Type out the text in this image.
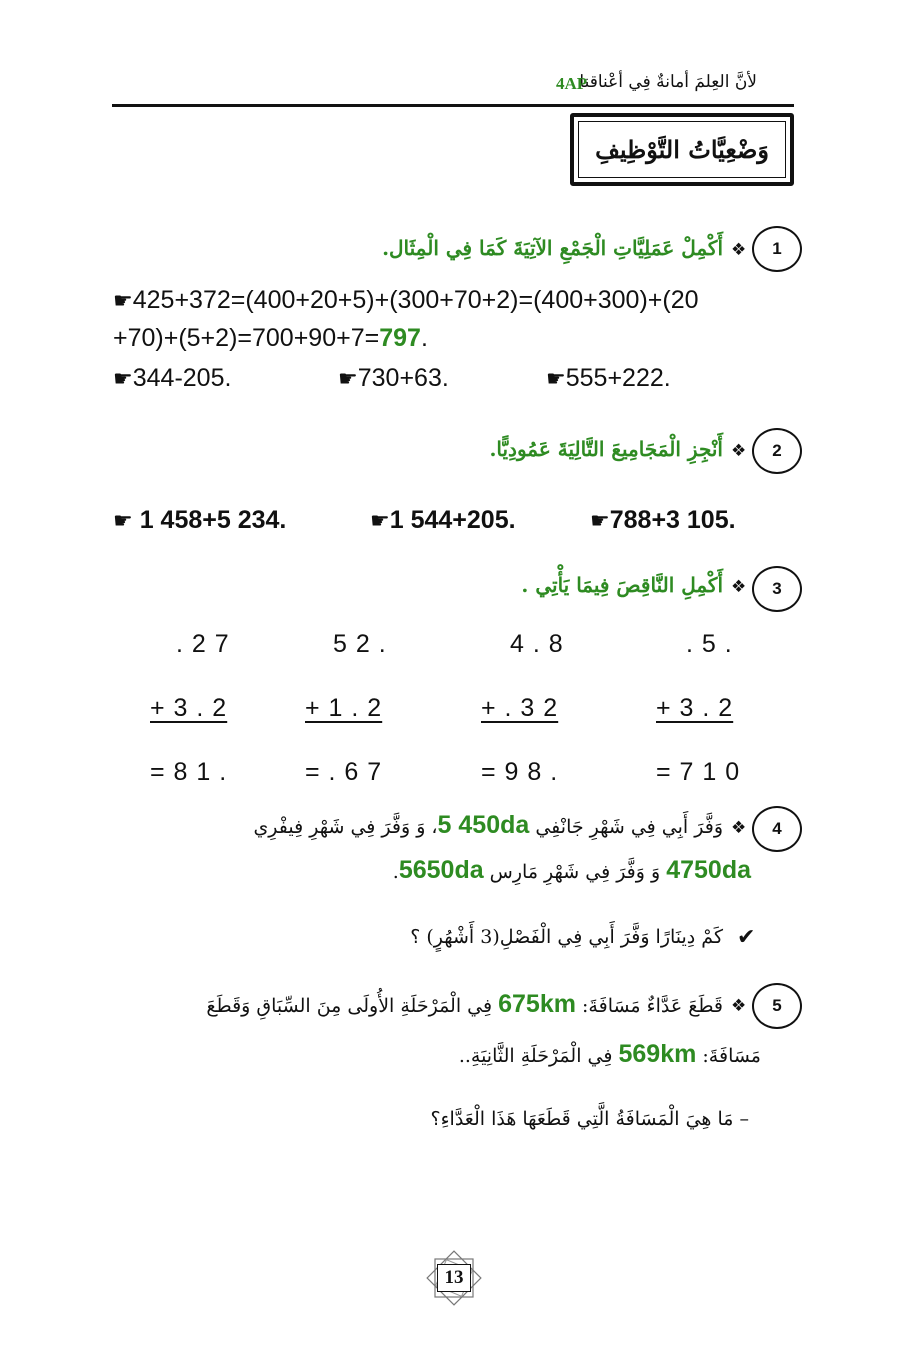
لأنَّ العِلمَ أمانةٌ فِي أعْناقنا
4AP
وَضْعِيَّاتُ التَّوْظِيفِ
1
❖
أَكْمِلْ عَمَلِيَّاتِ الْجَمْعِ الآتِيَةَ كَمَا فِي الْمِثَال.
☛425+372=(400+20+5)+(300+70+2)=(400+300)+(20
+70)+(5+2)=700+90+7=797.
☛344-205.	☛730+63.	☛555+222.
2
❖
أَنْجِزِ الْمَجَامِيعَ التَّالِيَةَ عَمُودِيًّا.
☛ 1 458+5 234.	☛1 544+205.	☛788+3 105.
3
❖
أَكْمِلِ النَّاقِصَ فِيمَا يَأْتِي .
. 2 7
+ 3 . 2
= 8 1 .
5 2 .
+ 1 . 2
= . 6 7
4 . 8
+ . 3 2
= 9 8 .
. 5 .
+ 3 . 2
= 7 1 0
4
❖
وَفَّرَ أَبِي فِي شَهْرِ جَانْفِي 5 450da، وَ وَفَّرَ فِي شَهْرِ فِيفْرِي
4750da وَ وَفَّرَ فِي شَهْرِ مَارِس 5650da.
✔
كَمْ دِينَارًا وَفَّرَ أَبِي فِي الْفَصْلِ(3 أَشْهُرٍ) ؟
5
❖
قَطَعَ عَدَّاءٌ مَسَافَةَ: 675km فِي الْمَرْحَلَةِ الأُولَى مِنَ السِّبَاقِ وَقَطَعَ
مَسَافَةَ: 569km فِي الْمَرْحَلَةِ الثَّانِيَةِ..
– مَا هِيَ الْمَسَافَةُ الَّتِي قَطَعَهَا هَذَا الْعَدَّاءِ؟
13
